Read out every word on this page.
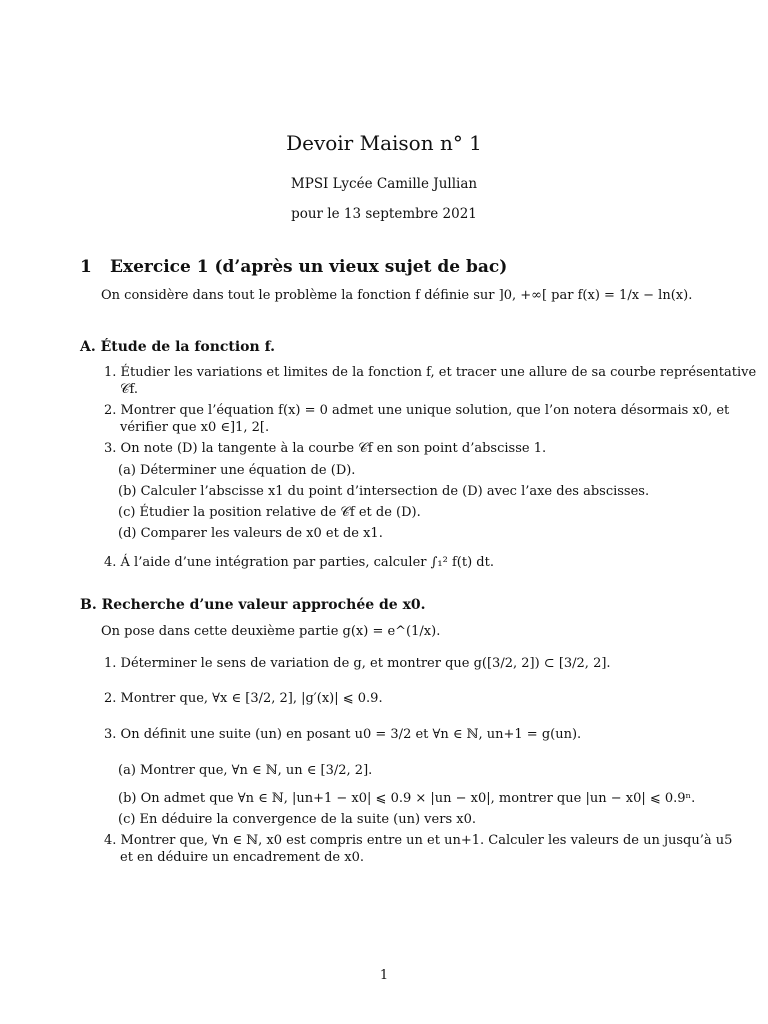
Devoir Maison n° 1
MPSI Lycée Camille Jullian
pour le 13 septembre 2021
1 Exercice 1 (d’après un vieux sujet de bac)
On considère dans tout le problème la fonction f définie sur ]0, +∞[ par f(x) = 1/x − ln(x).
A. Étude de la fonction f.
1. Étudier les variations et limites de la fonction f, et tracer une allure de sa courbe représentative
𝒞f.
2. Montrer que l’équation f(x) = 0 admet une unique solution, que l’on notera désormais x0, et
vérifier que x0 ∈]1, 2[.
3. On note (D) la tangente à la courbe 𝒞f en son point d’abscisse 1.
(a) Déterminer une équation de (D).
(b) Calculer l’abscisse x1 du point d’intersection de (D) avec l’axe des abscisses.
(c) Étudier la position relative de 𝒞f et de (D).
(d) Comparer les valeurs de x0 et de x1.
4. Á l’aide d’une intégration par parties, calculer ∫₁² f(t) dt.
B. Recherche d’une valeur approchée de x0.
On pose dans cette deuxième partie g(x) = e^(1/x).
1. Déterminer le sens de variation de g, et montrer que g([3/2, 2]) ⊂ [3/2, 2].
2. Montrer que, ∀x ∈ [3/2, 2], |g′(x)| ⩽ 0.9.
3. On définit une suite (un) en posant u0 = 3/2 et ∀n ∈ ℕ, un+1 = g(un).
(a) Montrer que, ∀n ∈ ℕ, un ∈ [3/2, 2].
(b) On admet que ∀n ∈ ℕ, |un+1 − x0| ⩽ 0.9 × |un − x0|, montrer que |un − x0| ⩽ 0.9ⁿ.
(c) En déduire la convergence de la suite (un) vers x0.
4. Montrer que, ∀n ∈ ℕ, x0 est compris entre un et un+1. Calculer les valeurs de un jusqu’à u5
et en déduire un encadrement de x0.
1
